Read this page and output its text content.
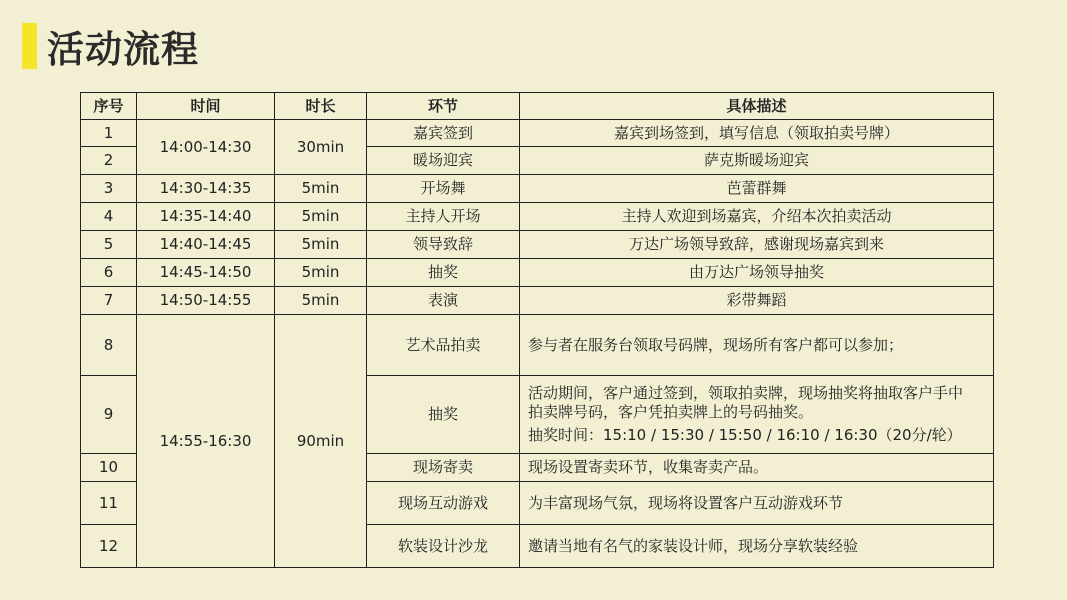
活动流程
序号	时间	时长	环节	具体描述
1	14:00-14:30	30min	嘉宾签到	嘉宾到场签到，填写信息（领取拍卖号牌）
2			暖场迎宾	萨克斯暖场迎宾
3	14:30-14:35	5min	开场舞	芭蕾群舞
4	14:35-14:40	5min	主持人开场	主持人欢迎到场嘉宾，介绍本次拍卖活动
5	14:40-14:45	5min	领导致辞	万达广场领导致辞，感谢现场嘉宾到来
6	14:45-14:50	5min	抽奖	由万达广场领导抽奖
7	14:50-14:55	5min	表演	彩带舞蹈
8	14:55-16:30	90min	艺术品拍卖	参与者在服务台领取号码牌，现场所有客户都可以参加；
9			抽奖	活动期间，客户通过签到，领取拍卖牌，现场抽奖将抽取客户手中
拍卖牌号码，客户凭拍卖牌上的号码抽奖。
抽奖时间：15:10 / 15:30 / 15:50 / 16:10 / 16:30（20分/轮）

10			现场寄卖	现场设置寄卖环节，收集寄卖产品。
11			现场互动游戏	为丰富现场气氛，现场将设置客户互动游戏环节
12			软装设计沙龙	邀请当地有名气的家装设计师，现场分享软装经验
